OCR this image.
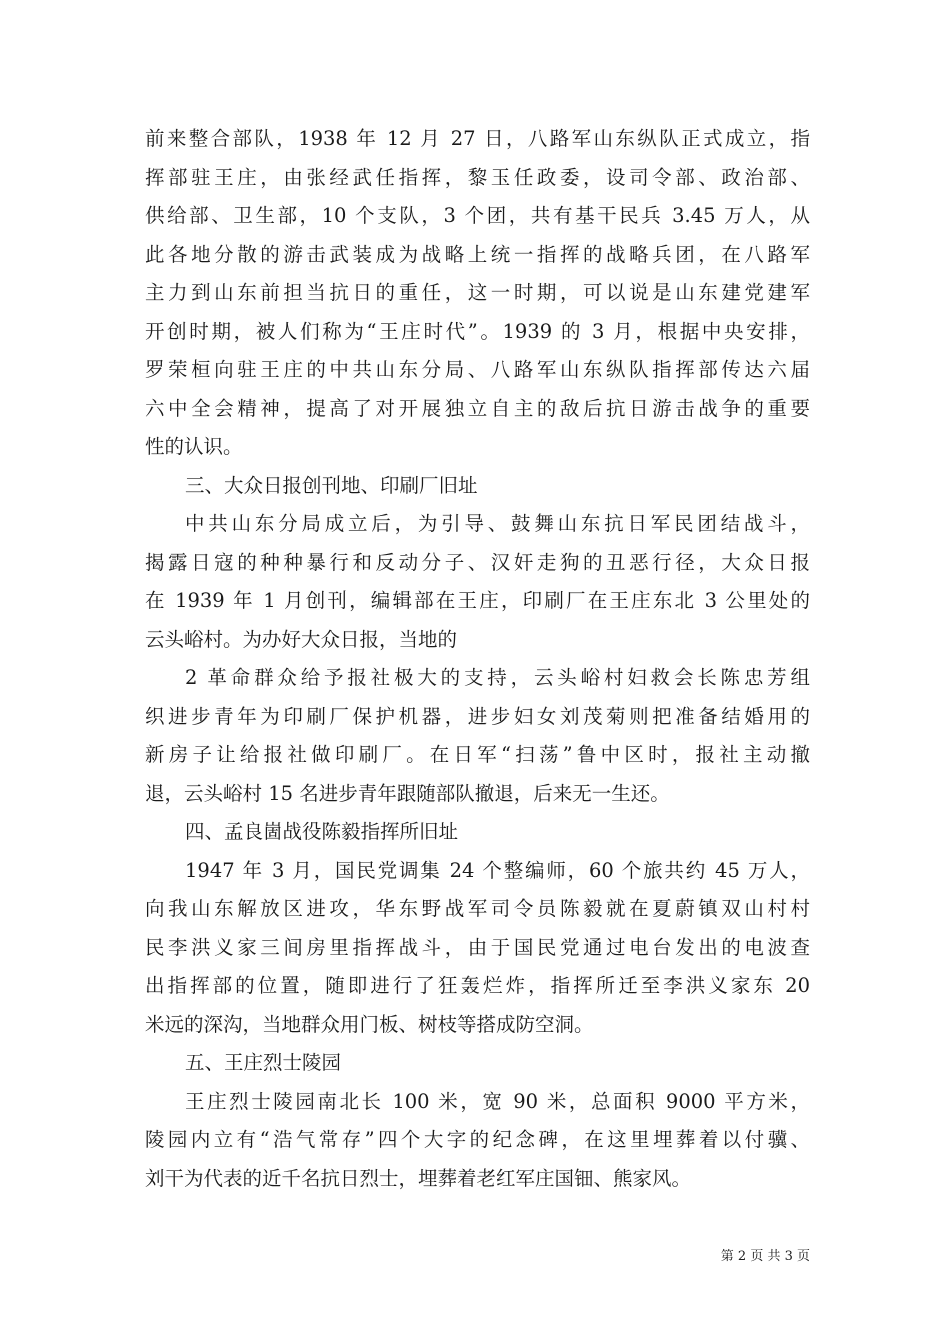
前来整合部队，1938 年 12 月 27 日，八路军山东纵队正式成立，指
挥部驻王庄，由张经武任指挥，黎玉任政委，设司令部、政治部、
供给部、卫生部，10 个支队，3 个团，共有基干民兵 3.45 万人，从
此各地分散的游击武装成为战略上统一指挥的战略兵团，在八路军
主力到山东前担当抗日的重任，这一时期，可以说是山东建党建军
开创时期，被人们称为“王庄时代”。1939 的 3 月，根据中央安排，
罗荣桓向驻王庄的中共山东分局、八路军山东纵队指挥部传达六届
六中全会精神，提高了对开展独立自主的敌后抗日游击战争的重要
性的认识。
三、大众日报创刊地、印刷厂旧址
中共山东分局成立后，为引导、鼓舞山东抗日军民团结战斗，
揭露日寇的种种暴行和反动分子、汉奸走狗的丑恶行径，大众日报
在 1939 年 1 月创刊，编辑部在王庄，印刷厂在王庄东北 3 公里处的
云头峪村。为办好大众日报，当地的
2 革命群众给予报社极大的支持，云头峪村妇救会长陈忠芳组
织进步青年为印刷厂保护机器，进步妇女刘茂菊则把准备结婚用的
新房子让给报社做印刷厂。在日军“扫荡”鲁中区时，报社主动撤
退，云头峪村 15 名进步青年跟随部队撤退，后来无一生还。
四、孟良崮战役陈毅指挥所旧址
1947 年 3 月，国民党调集 24 个整编师，60 个旅共约 45 万人，
向我山东解放区进攻，华东野战军司令员陈毅就在夏蔚镇双山村村
民李洪义家三间房里指挥战斗，由于国民党通过电台发出的电波查
出指挥部的位置，随即进行了狂轰烂炸，指挥所迁至李洪义家东 20
米远的深沟，当地群众用门板、树枝等搭成防空洞。
五、王庄烈士陵园
王庄烈士陵园南北长 100 米，宽 90 米，总面积 9000 平方米，
陵园内立有“浩气常存”四个大字的纪念碑，在这里埋葬着以付骥、
刘干为代表的近千名抗日烈士，埋葬着老红军庄国钿、熊家风。
第 2 页 共 3 页
